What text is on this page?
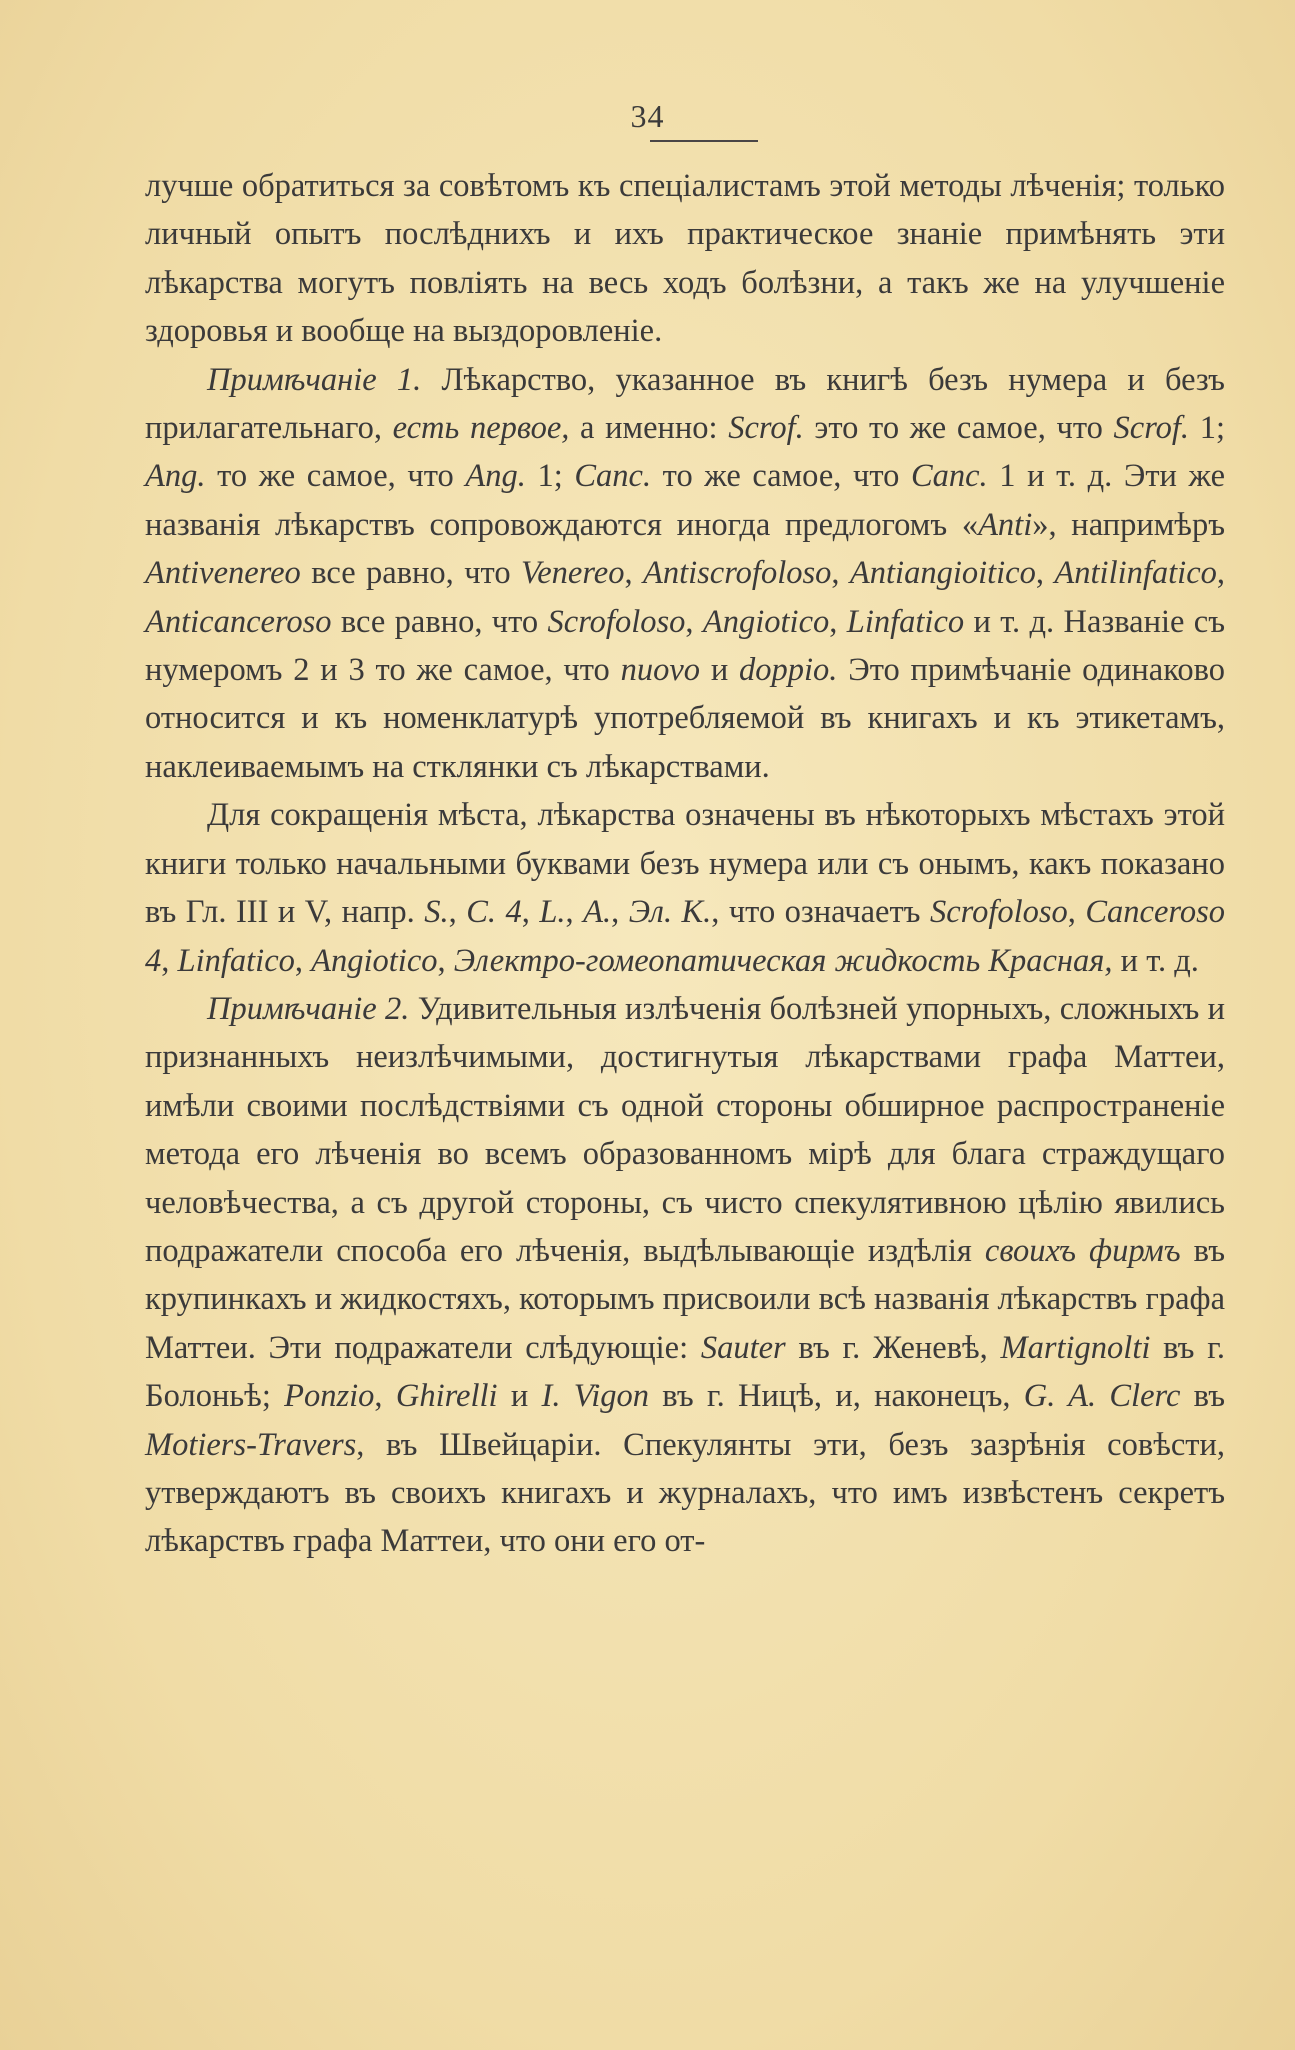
34

лучше обратиться за совѣтомъ къ спеціалистамъ этой методы лѣченія; только личный опытъ послѣднихъ и ихъ практическое знаніе примѣнять эти лѣкарства могутъ повліять на весь ходъ болѣзни, а такъ же на улучшеніе здоровья и вообще на выздоровленіе.

Примѣчаніе 1. Лѣкарство, указанное въ книгѣ безъ нумера и безъ прилагательнаго, есть первое, а именно: Scrof. это то же самое, что Scrof. 1; Ang. то же самое, что Ang. 1; Canc. то же самое, что Canc. 1 и т. д. Эти же названія лѣкарствъ сопровождаются иногда предлогомъ «Anti», напримѣръ Antivenereo все равно, что Venereo, Antiscrofoloso, Antiangioitico, Antilinfatico, Anticanceroso все равно, что Scrofoloso, Angiotico, Linfatico и т. д. Названіе съ нумеромъ 2 и 3 то же самое, что nuovo и doppio. Это примѣчаніе одинаково относится и къ номенклатурѣ употребляемой въ книгахъ и къ этикетамъ, наклеиваемымъ на стклянки съ лѣкарствами.

Для сокращенія мѣста, лѣкарства означены въ нѣкоторыхъ мѣстахъ этой книги только начальными буквами безъ нумера или съ онымъ, какъ показано въ Гл. III и V, напр. S., C. 4, L., A., Эл. К., что означаетъ Scrofoloso, Canceroso 4, Linfatico, Angiotico, Электро-гомеопатическая жидкость Красная, и т. д.

Примѣчаніе 2. Удивительныя излѣченія болѣзней упорныхъ, сложныхъ и признанныхъ неизлѣчимыми, достигнутыя лѣкарствами графа Маттеи, имѣли своими послѣдствіями съ одной стороны обширное распространеніе метода его лѣченія во всемъ образованномъ мірѣ для блага страждущаго человѣчества, а съ другой стороны, съ чисто спекулятивною цѣлію явились подражатели способа его лѣченія, выдѣлывающіе издѣлія своихъ фирмъ въ крупинкахъ и жидкостяхъ, которымъ присвоили всѣ названія лѣкарствъ графа Маттеи. Эти подражатели слѣдующіе: Sauter въ г. Женевѣ, Martignolti въ г. Болоньѣ; Ponzio, Ghirelli и I. Vigon въ г. Ницѣ, и, наконецъ, G. A. Clerc въ Motiers-Travers, въ Швейцаріи. Спекулянты эти, безъ зазрѣнія совѣсти, утверждаютъ въ своихъ книгахъ и журналахъ, что имъ извѣстенъ секретъ лѣкарствъ графа Маттеи, что они его от-
